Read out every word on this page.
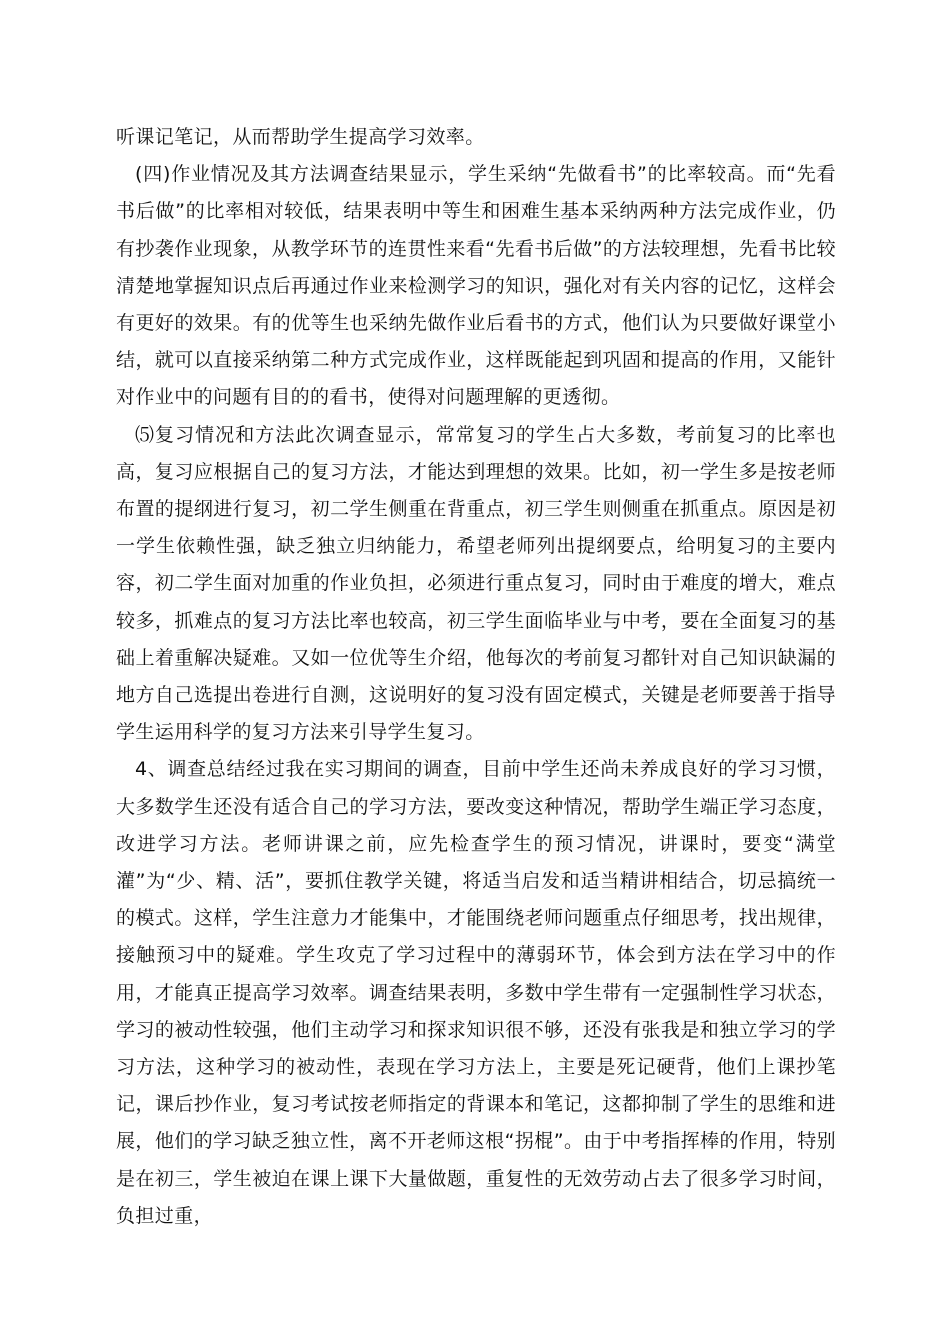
听课记笔记，从而帮助学生提高学习效率。

(四)作业情况及其方法调查结果显示，学生采纳“先做看书”的比率较高。而“先看书后做”的比率相对较低，结果表明中等生和困难生基本采纳两种方法完成作业，仍有抄袭作业现象，从教学环节的连贯性来看“先看书后做”的方法较理想，先看书比较清楚地掌握知识点后再通过作业来检测学习的知识，强化对有关内容的记忆，这样会有更好的效果。有的优等生也采纳先做作业后看书的方式，他们认为只要做好课堂小结，就可以直接采纳第二种方式完成作业，这样既能起到巩固和提高的作用，又能针对作业中的问题有目的的看书，使得对问题理解的更透彻。

⑸复习情况和方法此次调查显示，常常复习的学生占大多数，考前复习的比率也高，复习应根据自己的复习方法，才能达到理想的效果。比如，初一学生多是按老师布置的提纲进行复习，初二学生侧重在背重点，初三学生则侧重在抓重点。原因是初一学生依赖性强，缺乏独立归纳能力，希望老师列出提纲要点，给明复习的主要内容，初二学生面对加重的作业负担，必须进行重点复习，同时由于难度的增大，难点较多，抓难点的复习方法比率也较高，初三学生面临毕业与中考，要在全面复习的基础上着重解决疑难。又如一位优等生介绍，他每次的考前复习都针对自己知识缺漏的地方自己选提出卷进行自测，这说明好的复习没有固定模式，关键是老师要善于指导学生运用科学的复习方法来引导学生复习。

4、调查总结经过我在实习期间的调查，目前中学生还尚未养成良好的学习习惯，大多数学生还没有适合自己的学习方法，要改变这种情况，帮助学生端正学习态度，改进学习方法。老师讲课之前，应先检查学生的预习情况，讲课时，要变“满堂灌”为“少、精、活”，要抓住教学关键，将适当启发和适当精讲相结合，切忌搞统一的模式。这样，学生注意力才能集中，才能围绕老师问题重点仔细思考，找出规律，接触预习中的疑难。学生攻克了学习过程中的薄弱环节，体会到方法在学习中的作用，才能真正提高学习效率。调查结果表明，多数中学生带有一定强制性学习状态，学习的被动性较强，他们主动学习和探求知识很不够，还没有张我是和独立学习的学习方法，这种学习的被动性，表现在学习方法上，主要是死记硬背，他们上课抄笔记，课后抄作业，复习考试按老师指定的背课本和笔记，这都抑制了学生的思维和进展，他们的学习缺乏独立性，离不开老师这根“拐棍”。由于中考指挥棒的作用，特别是在初三，学生被迫在课上课下大量做题，重复性的无效劳动占去了很多学习时间，负担过重，
